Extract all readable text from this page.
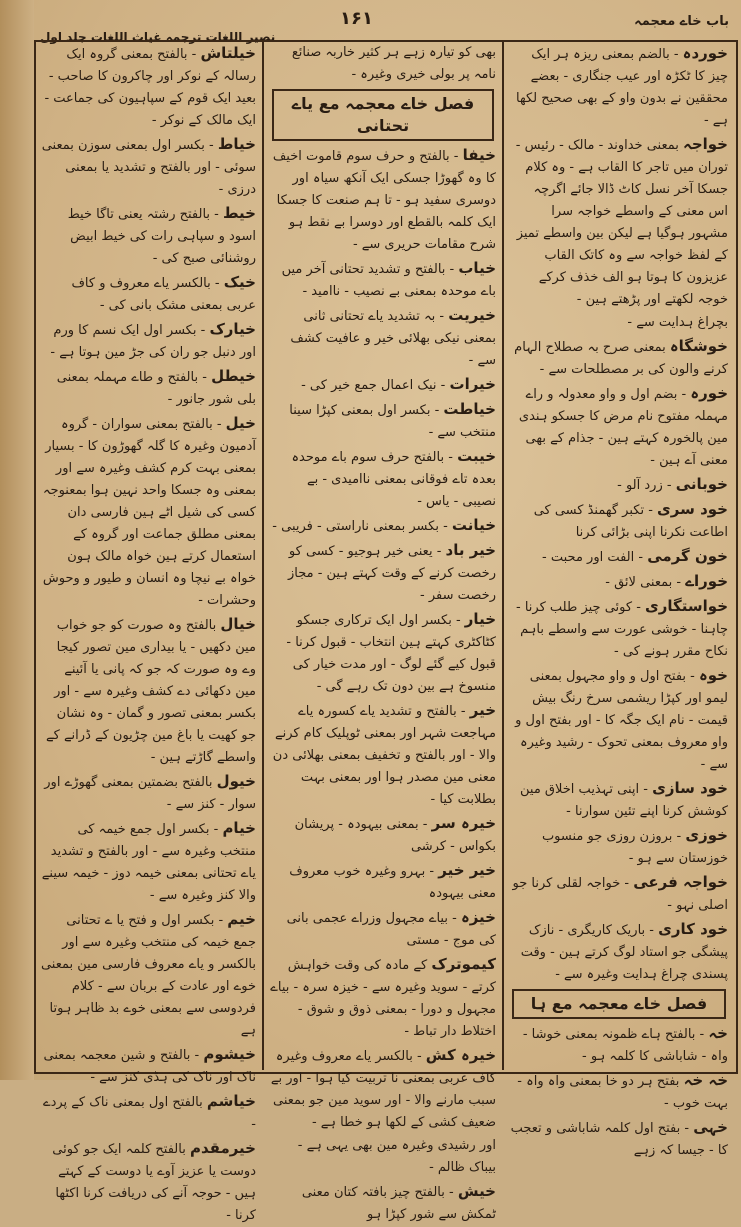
باب خاے معجمہ
۱۶۱
نصیر اللغات ترجمہ غیاث اللغات جلد اول
خوردہ - بالضم بمعنی ریزہ ہر ایک چیز کا ٹکڑہ اور عیب جنگاری - بعضے محققین نے بدون واو کے بھی صحیح لکھا ہے -
خواجہ بمعنی خداوند - مالک - رئیس - توران میں تاجر کا القاب ہے - وہ کلام جسکا آخر نسل کاٹ ڈالا جائے اگرچہ اس معنی کے واسطے خواجہ سرا مشہور ہوگیا ہے لیکن بین واسطے تمیز کے لفظ خواجہ سے وہ کاتک القاب عزیزون کا ہوتا ہو الف خذف کرکے خوجہ لکھتے اور پڑھتے ہین -
بچراغ ہدایت سے -
خوشگاہ بمعنی صرح بہ صطلاح الہام کرنے والون کی بر مصطلحات سے -
خورہ - بضم اول و واو معدولہ و راے مہملہ مفتوح نام مرض کا جسکو ہندی مین پالخورہ کہتے ہین - جذام کے بھی معنی آے ہین -
خوبانی - زرد آلو -
خود سری - تکبر گھمنڈ کسی کی اطاعت نکرنا اپنی بڑائی کرنا
خون گرمی - الفت اور محبت -
خوراے - بمعنی لائق -
خواستگاری - کوئی چیز طلب کرنا - چاہنا - خوشی عورت سے واسطے باہم نکاح مقرر ہونے کی -
خوہ - بفتح اول و واو مجہول بمعنی لیمو اور کپڑا ریشمی سرخ رنگ بیش قیمت - نام ایک جگہ کا - اور بفتح اول و واو معروف بمعنی تحوک - رشید وغیرہ سے -
خود سازی - اپنی تہذیب اخلاق مین کوشش کرنا اپنے تئین سوارنا -
خوزی - بروزن روزی جو منسوب خوزستان سے ہو -
خواجہ فرعی - خواجہ لقلی کرنا جو اصلی نہو -
خود کاری - باریک کاریگری - نازک پیشگی جو استاد لوگ کرتے ہین - وقت پسندی چراغ ہدایت وغیرہ سے -
فصل خاے معجمہ مع ہا
خہ - بالفتح ہاے ظمونہ بمعنی خوشا - واہ - شاباشی کا کلمہ ہو -
خہ خہ بفتح ہر دو خا بمعنی واہ واہ - بہت خوب -
خہی - بفتح اول کلمہ شاباشی و تعجب کا - جیسا کہ زہے
بھی کو تیارہ زہے ہر کثیر خاربہ صنائع نامہ پر بولی خیری وغیرہ -
فصل خاے معجمہ مع یاے تحتانی
خیفا - بالفتح و حرف سوم قاموت اخیف کا وہ گھوڑا جسکی ایک آنکھ سیاہ اور دوسری سفید ہو - تا ہم صنعت کا جسکا ایک کلمہ بالقطع اور دوسرا بے نقط ہو شرح مقامات حریری سے -
خیاب - بالفتح و تشدید تحتانی آخر میں باے موحدہ بمعنی بے نصیب - ناامید -
خیریت - بہ تشدید یاے تحتانی ثانی بمعنی نیکی بھلائی خیر و عافیت کشف سے -
خیرات - نیک اعمال جمع خیر کی -
خیاطت - بکسر اول بمعنی کپڑا سینا منتخب سے -
خیبت - بالفتح حرف سوم باے موحدہ بعدہ تاے فوقانی بمعنی ناامیدی - بے نصیبی - یاس -
خیانت - بکسر بمعنی ناراستی - فریبی -
خیر باد - یعنی خیر ہوجیو - کسی کو رخصت کرنے کے وقت کہتے ہین - مجاز رخصت سفر -
خیار - بکسر اول ایک ترکاری جسکو کٹاکٹری کہتے ہین انتخاب - قبول کرنا - قبول کیے گئے لوگ - اور مدت خیار کی منسوخ ہے بین دون تک رہے گی -
خیر - بالفتح و تشدید یاے کسورہ یاے مہاجعت شہر اور بمعنی ٹوپلیک کام کرنے والا - اور بالفتح و تخفیف بمعنی بھلائی دن معنی مین مصدر ہوا اور بمعنی بہت بطلابت کیا -
خیرہ سر - بمعنی بیہودہ - پریشان بکواس - کرشی
خیر خیر - بہرو وغیرہ خوب معروف معنی بیہودہ
خیزہ - بیاے مجہول وزراے عجمی بانی کی موج - مستی
کیموترک کے مادہ کی وقت خواہش کرتے - سوید وغیرہ سے - خیزہ سرہ - بیاے مجہول و دورا - بمعنی ذوق و شوق - اختلاط دار تباط -
خیرہ کش - بالکسر یاے معروف وغیرہ کاف عربی بمعنی نا تربیت کیا ہوا - اور بے سبب مارنے والا - اور سوید مین جو بمعنی ضعیف کشی کے لکھا ہو خطا ہے -
اور رشیدی وغیرہ مین بھی یہی ہے - بیباک ظالم -
خیش - بالفتح چیز بافتہ کتان معنی ٹمکش سے شور کپڑا ہو
خیلتاش - بالفتح بمعنی گروہ ایک رسالہ کے نوکر اور چاکرون کا صاحب - بعید ایک قوم کے سپاہیون کی جماعت - ایک مالک کے نوکر -
خیاط - بکسر اول بمعنی سوزن بمعنی سوئی - اور بالفتح و تشدید یا بمعنی درزی -
خیط - بالفتح رشتہ یعنی تاگا خیط اسود و سپاہی رات کی خیط ابیض روشنائی صبح کی -
خیک - بالکسر یاے معروف و کاف عربی بمعنی مشک بانی کی -
خیارک - بکسر اول ایک نسم کا ورم اور دنبل جو ران کی جڑ مین ہوتا ہے -
خیطل - بالفتح و طاے مہملہ بمعنی بلی شور جانور -
خیل - بالفتح بمعنی سواران - گروہ آدمیون وغیرہ کا گلہ گھوڑون کا - بسیار بمعنی بہت کرم کشف وغیرہ سے اور بمعنی وہ جسکا واحد نہین ہوا بمعنوجہ کسی کی شیل اٹے ہین فارسی دان بمعنی مطلق جماعت اور گروہ کے استعمال کرتے ہین خواہ مالک ہون خواہ بے نیچا وہ انسان و طیور و وحوش وحشرات -
خیال بالفتح وہ صورت کو جو خواب مین دکھیں - یا بیداری مین تصور کیجا وے وہ صورت کہ جو کہ پانی یا آئینے مین دکھائی دے کشف وغیرہ سے - اور بکسر بمعنی تصور و گمان - وہ نشان جو کھیت یا باغ مین چڑیون کے ڈرانے کے واسطے گاڑتے ہین -
خیول بالفتح بضمتین بمعنی گھوڑے اور سوار - کنز سے -
خیام - بکسر اول جمع خیمہ کی منتخب وغیرہ سے - اور بالفتح و تشدید یاے تحتانی بمعنی خیمہ دوز - خیمہ سینے والا کنز وغیرہ سے -
خیم - بکسر اول و فتح یا ے تحتانی جمع خیمہ کی منتخب وغیرہ سے اور بالکسر و یاے معروف فارسی مین بمعنی خوے اور عادت کے بربان سے - کلام فردوسی سے بمعنی خوے بد ظاہر ہوتا ہے
خیشوم - بالفتح و شین معجمہ بمعنی ناک اور ناک کی ہڈی کنز سے -
خیاشم بالفتح اول بمعنی ناک کے پردے -
خیرمقدم بالفتح کلمہ ایک جو کوئی دوست یا عزیز آوے یا دوست کے کہتے ہیں - حوجہ آنے کی دریافت کرنا اکٹھا کرنا -
